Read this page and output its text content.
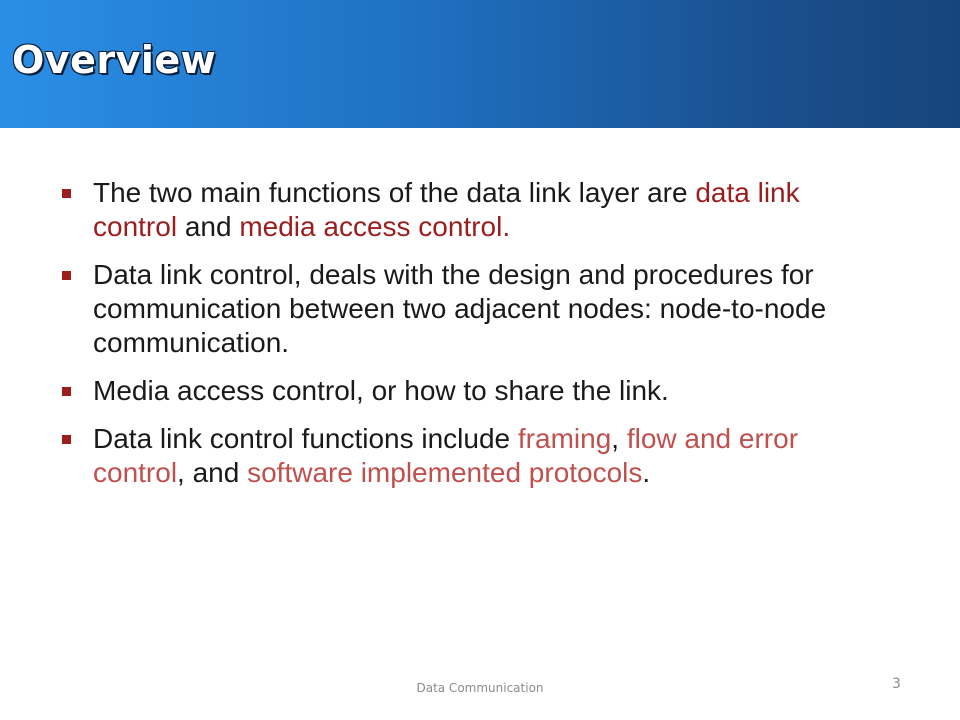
Overview
The two main functions of the data link layer are data link control and media access control.
Data link control, deals with the design and procedures for communication between two adjacent nodes: node-to-node communication.
Media access control, or how to share the link.
Data link control functions include framing, flow and error control, and software implemented protocols.
Data Communication	3
